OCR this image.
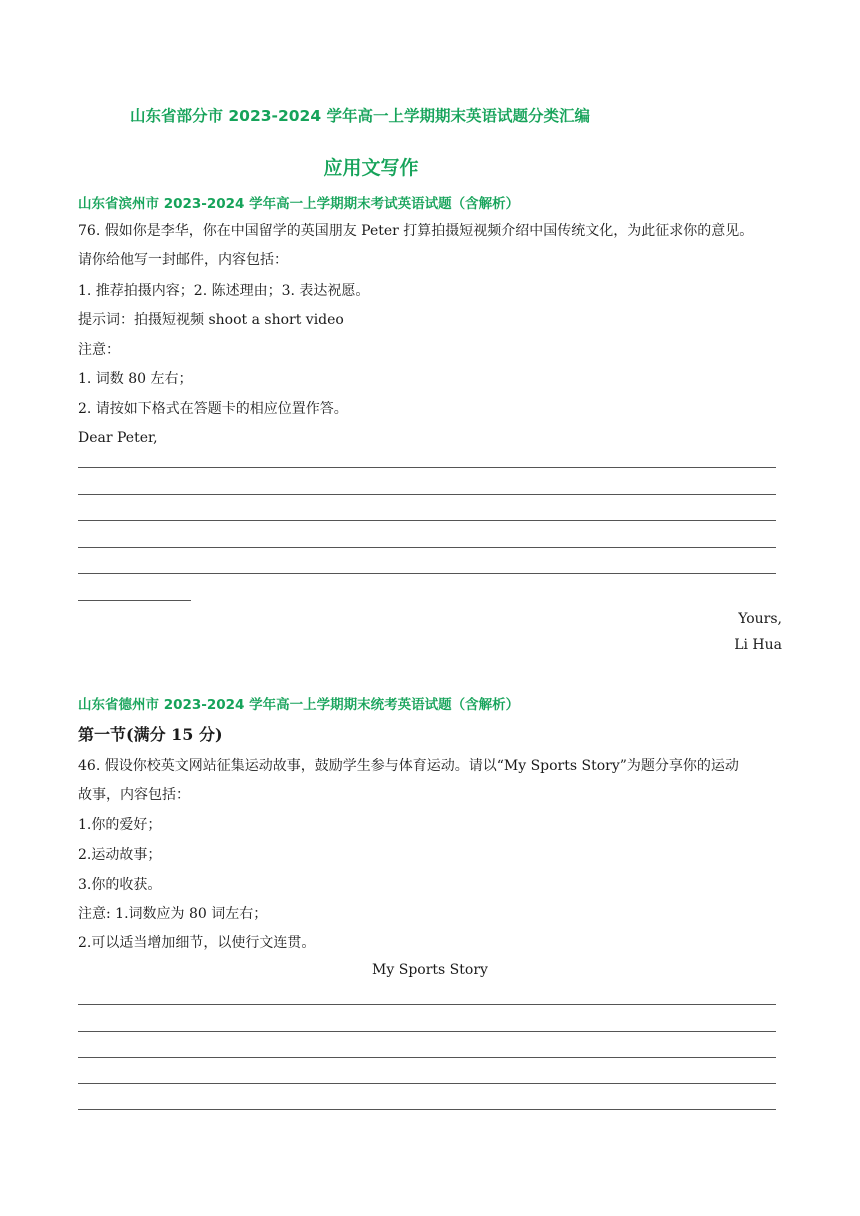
山东省部分市 2023-2024 学年高一上学期期末英语试题分类汇编
应用文写作
山东省滨州市 2023-2024 学年高一上学期期末考试英语试题（含解析）
76. 假如你是李华，你在中国留学的英国朋友 Peter 打算拍摄短视频介绍中国传统文化，为此征求你的意见。
请你给他写一封邮件，内容包括：
1. 推荐拍摄内容；2. 陈述理由；3. 表达祝愿。
提示词：拍摄短视频 shoot a short video
注意：
1. 词数 80 左右；
2. 请按如下格式在答题卡的相应位置作答。
Dear Peter,
Yours,
Li Hua
山东省德州市 2023-2024 学年高一上学期期末统考英语试题（含解析）
第一节(满分 15 分)
46. 假设你校英文网站征集运动故事，鼓励学生参与体育运动。请以“My Sports Story”为题分享你的运动
故事，内容包括：
1.你的爱好；
2.运动故事；
3.你的收获。
注意: 1.词数应为 80 词左右；
2.可以适当增加细节，以使行文连贯。
My Sports Story
